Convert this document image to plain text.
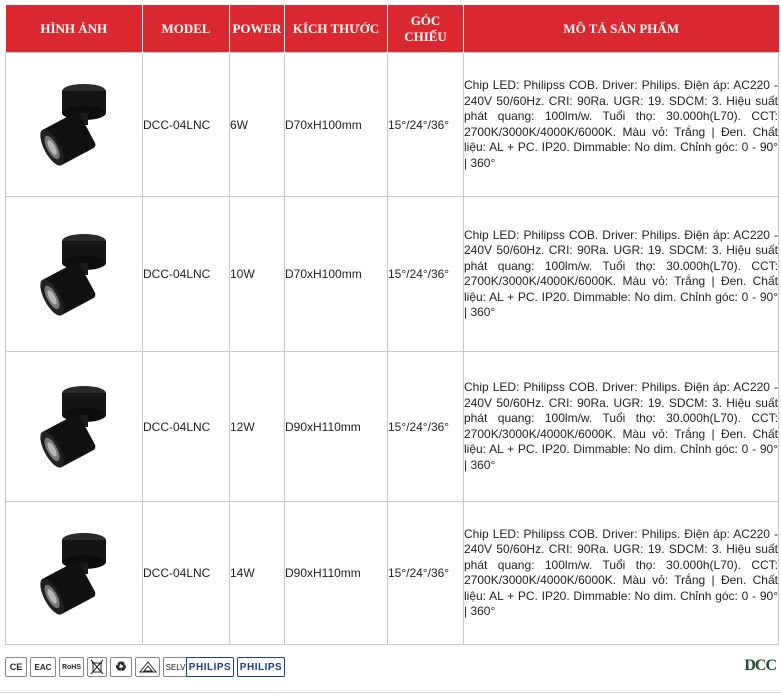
HÌNH ẢNH	MODEL	POWER	KÍCH THƯỚC	GÓC CHIẾU	MÔ TẢ SẢN PHẨM
	DCC-04LNC	6W	D70xH100mm	15°/24°/36°	Chip LED: Philipss COB. Driver: Philips. Điện áp: AC220 - 240V 50/60Hz. CRI: 90Ra. UGR: 19. SDCM: 3. Hiệu suất phát quang: 100lm/w. Tuổi thọ: 30.000h(L70). CCT: 2700K/3000K/4000K/6000K. Màu vỏ: Trắng | Đen. Chất liệu: AL + PC. IP20. Dimmable: No dim. Chỉnh góc: 0 - 90° | 360°
	DCC-04LNC	10W	D70xH100mm	15°/24°/36°	Chip LED: Philipss COB. Driver: Philips. Điện áp: AC220 - 240V 50/60Hz. CRI: 90Ra. UGR: 19. SDCM: 3. Hiệu suất phát quang: 100lm/w. Tuổi thọ: 30.000h(L70). CCT: 2700K/3000K/4000K/6000K. Màu vỏ: Trắng | Đen. Chất liệu: AL + PC. IP20. Dimmable: No dim. Chỉnh góc: 0 - 90° | 360°
	DCC-04LNC	12W	D90xH110mm	15°/24°/36°	Chip LED: Philipss COB. Driver: Philips. Điện áp: AC220 - 240V 50/60Hz. CRI: 90Ra. UGR: 19. SDCM: 3. Hiệu suất phát quang: 100lm/w. Tuổi thọ: 30.000h(L70). CCT: 2700K/3000K/4000K/6000K. Màu vỏ: Trắng | Đen. Chất liệu: AL + PC. IP20. Dimmable: No dim. Chỉnh góc: 0 - 90° | 360°
	DCC-04LNC	14W	D90xH110mm	15°/24°/36°	Chip LED: Philipss COB. Driver: Philips. Điện áp: AC220 - 240V 50/60Hz. CRI: 90Ra. UGR: 19. SDCM: 3. Hiệu suất phát quang: 100lm/w. Tuổi thọ: 30.000h(L70). CCT: 2700K/3000K/4000K/6000K. Màu vỏ: Trắng | Đen. Chất liệu: AL + PC. IP20. Dimmable: No dim. Chỉnh góc: 0 - 90° | 360°
CE EAC RoHS	♻	SELV PHILIPS PHILIPS	DCC
